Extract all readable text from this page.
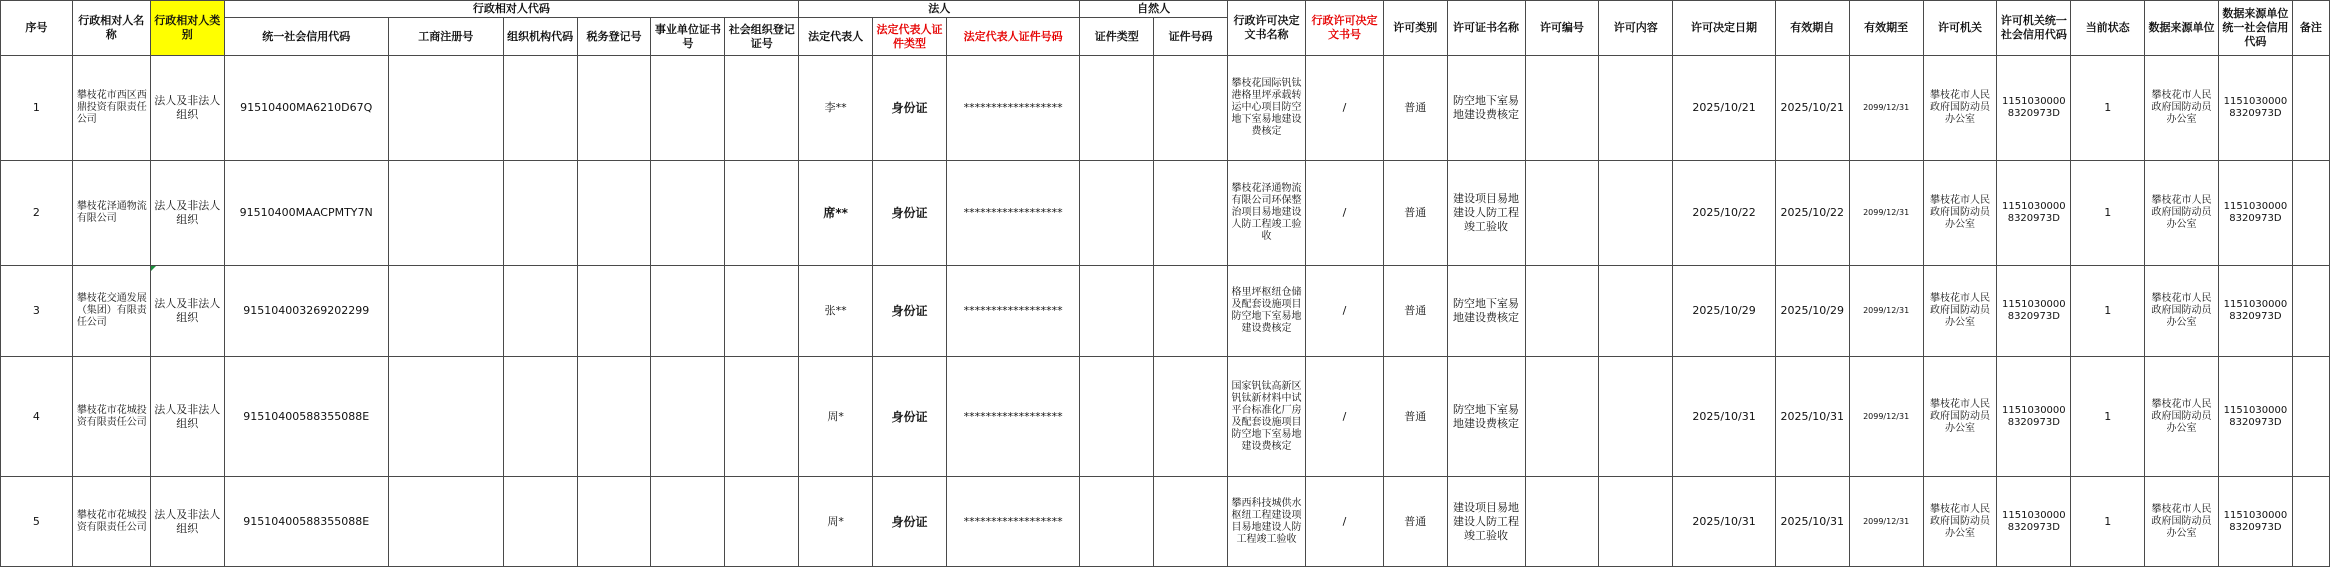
序号	行政相对人名称	行政相对人类别	行政相对人代码						法人			自然人		行政许可决定文书名称	行政许可决定文书号	许可类别	许可证书名称	许可编号	许可内容	许可决定日期	有效期自	有效期至	许可机关	许可机关统一社会信用代码	当前状态	数据来源单位	数据来源单位统一社会信用代码	备注
			统一社会信用代码	工商注册号	组织机构代码	税务登记号	事业单位证书号	社会组织登记证号	法定代表人	法定代表人证件类型	法定代表人证件号码	证件类型	证件号码															
1	攀枝花市西区西鼎投资有限责任公司	法人及非法人组织	91510400MA6210D67Q						李**	身份证	******************			攀枝花国际钒钛港格里坪承载转运中心项目防空地下室易地建设费核定	/	普通	防空地下室易地建设费核定			2025/10/21	2025/10/21	2099/12/31	攀枝花市人民政府国防动员办公室	11510300008320973D	1	攀枝花市人民政府国防动员办公室	11510300008320973D	
2	攀枝花泽通物流有限公司	法人及非法人组织	91510400MAACPMTY7N						席**	身份证	******************			攀枝花泽通物流有限公司环保整治项目易地建设人防工程竣工验收	/	普通	建设项目易地建设人防工程竣工验收			2025/10/22	2025/10/22	2099/12/31	攀枝花市人民政府国防动员办公室	11510300008320973D	1	攀枝花市人民政府国防动员办公室	11510300008320973D	
3	攀枝花交通发展（集团）有限责任公司	法人及非法人组织	915104003269202299						张**	身份证	******************			格里坪枢纽仓储及配套设施项目防空地下室易地建设费核定	/	普通	防空地下室易地建设费核定			2025/10/29	2025/10/29	2099/12/31	攀枝花市人民政府国防动员办公室	11510300008320973D	1	攀枝花市人民政府国防动员办公室	11510300008320973D	
4	攀枝花市花城投资有限责任公司	法人及非法人组织	91510400588355088E						周*	身份证	******************			国家钒钛高新区钒钛新材料中试平台标准化厂房及配套设施项目防空地下室易地建设费核定	/	普通	防空地下室易地建设费核定			2025/10/31	2025/10/31	2099/12/31	攀枝花市人民政府国防动员办公室	11510300008320973D	1	攀枝花市人民政府国防动员办公室	11510300008320973D	
5	攀枝花市花城投资有限责任公司	法人及非法人组织	91510400588355088E						周*	身份证	******************			攀西科技城供水枢纽工程建设项目易地建设人防工程竣工验收	/	普通	建设项目易地建设人防工程竣工验收			2025/10/31	2025/10/31	2099/12/31	攀枝花市人民政府国防动员办公室	11510300008320973D	1	攀枝花市人民政府国防动员办公室	11510300008320973D	
